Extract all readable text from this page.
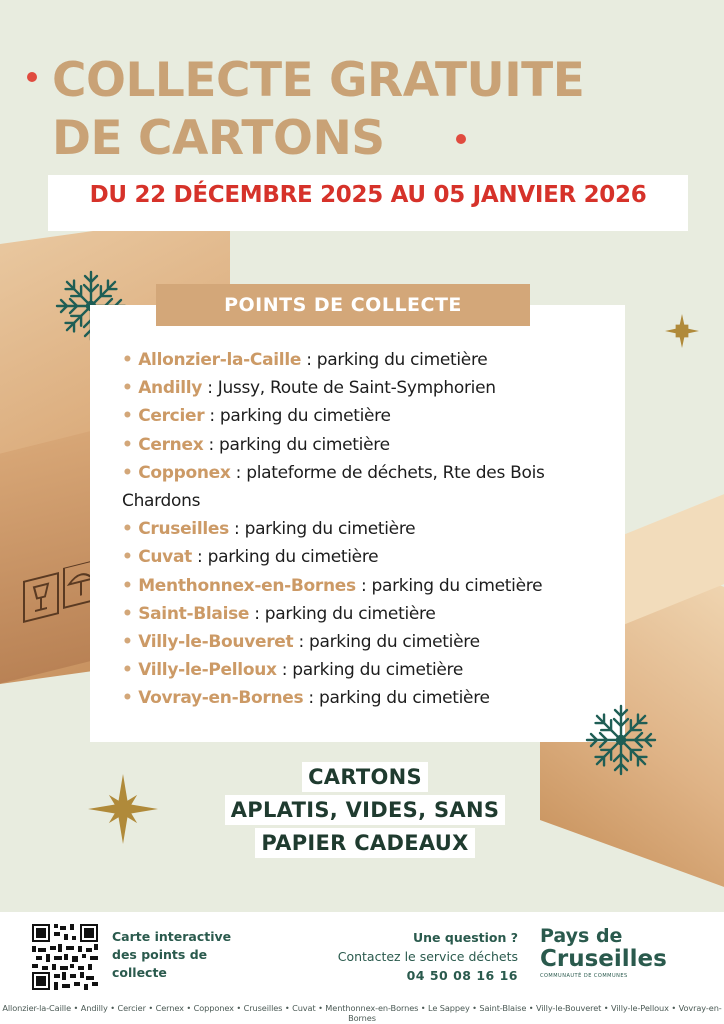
COLLECTE GRATUITE
DE CARTONS
DU 22 DÉCEMBRE 2025 AU 05 JANVIER 2026
POINTS DE COLLECTE
• Allonzier-la-Caille : parking du cimetière
• Andilly : Jussy, Route de Saint-Symphorien
• Cercier : parking du cimetière
• Cernex : parking du cimetière
• Copponex : plateforme de déchets, Rte des Bois Chardons
• Cruseilles : parking du cimetière
• Cuvat : parking du cimetière
• Menthonnex-en-Bornes : parking du cimetière
• Saint-Blaise : parking du cimetière
• Villy-le-Bouveret : parking du cimetière
• Villy-le-Pelloux : parking du cimetière
• Vovray-en-Bornes : parking du cimetière
CARTONS
APLATIS, VIDES, SANS
PAPIER CADEAUX
Carte interactive
des points de
collecte
Une question ?
Contactez le service déchets
04 50 08 16 16
Pays de
Cruseilles
COMMUNAUTÉ DE COMMUNES
Allonzier-la-Caille • Andilly • Cercier • Cernex • Copponex • Cruseilles • Cuvat • Menthonnex-en-Bornes • Le Sappey • Saint-Blaise • Villy-le-Bouveret • Villy-le-Pelloux • Vovray-en-Bornes
